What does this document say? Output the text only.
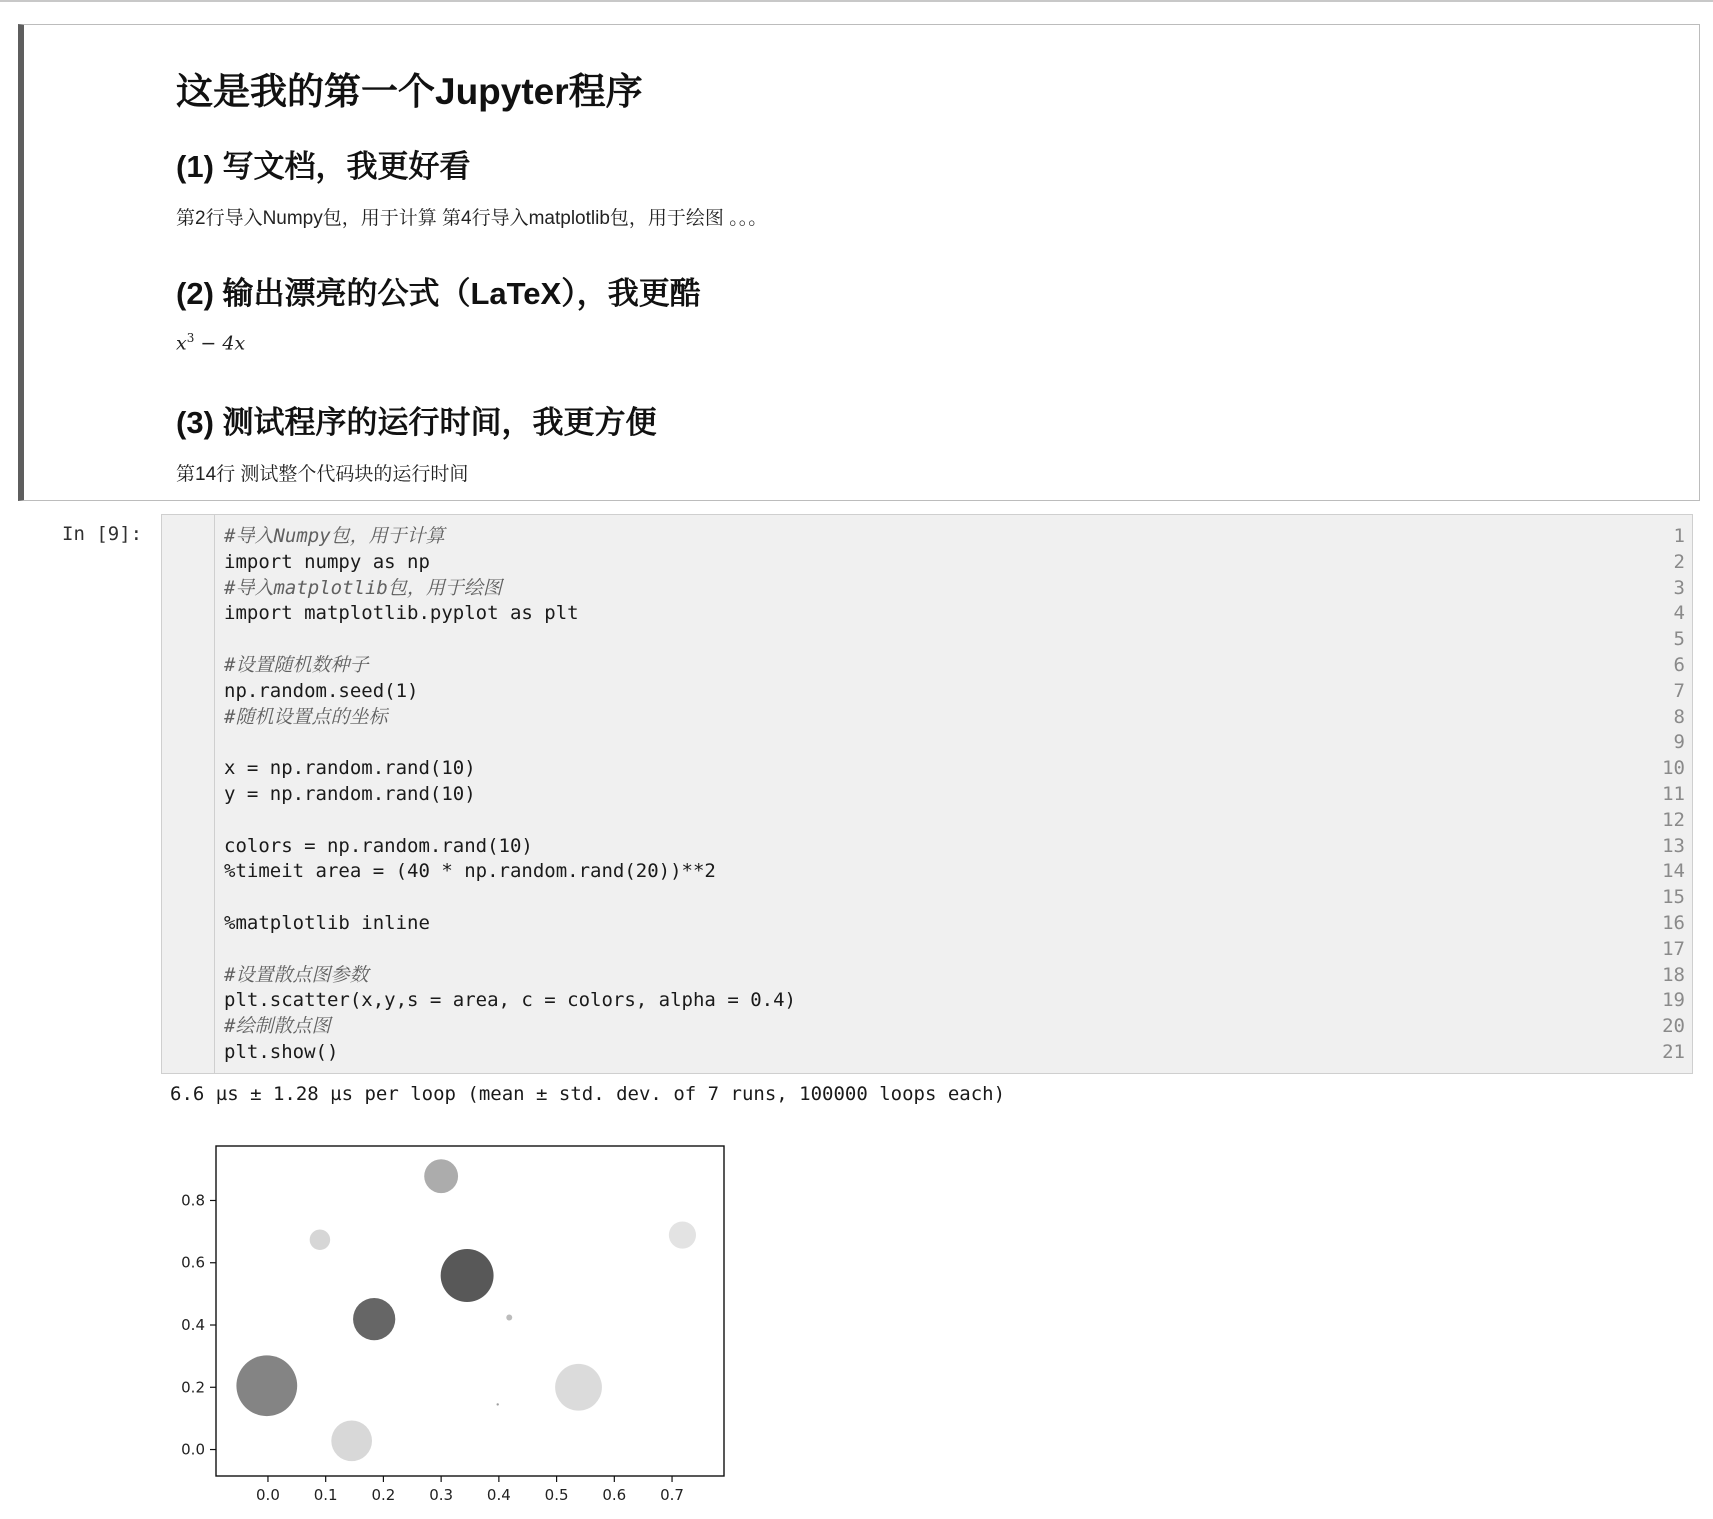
这是我的第一个Jupyter程序
(1) 写文档，我更好看

第2行导入Numpy包，用于计算 第4行导入matplotlib包，用于绘图 。。。

(2) 输出漂亮的公式（LaTeX），我更酷
$x^3 - 4x$
(3) 测试程序的运行时间，我更方便

第14行 测试整个代码块的运行时间

In [9]:	1
#导入Numpy包，用于计算
2
import numpy as np
3
#导入matplotlib包，用于绘图
4
import matplotlib.pyplot as plt
5
6
#设置随机数种子
7
np.random.seed(1)
8
#随机设置点的坐标
9
10
x = np.random.rand(10)
11
y = np.random.rand(10)
12
13
colors = np.random.rand(10)
14
%timeit area = (40 * np.random.rand(20))**2
15
16
%matplotlib inline
17
18
#设置散点图参数
19
plt.scatter(x,y,s = area, c = colors, alpha = 0.4)
20
#绘制散点图
21
plt.show()
6.6 µs ± 1.28 µs per loop (mean ± std. dev. of 7 runs, 100000 loops each)
0.0 0.1 0.2 0.3 0.4 0.5 0.6 0.7
0.0
0.2
0.4
0.6
0.8
